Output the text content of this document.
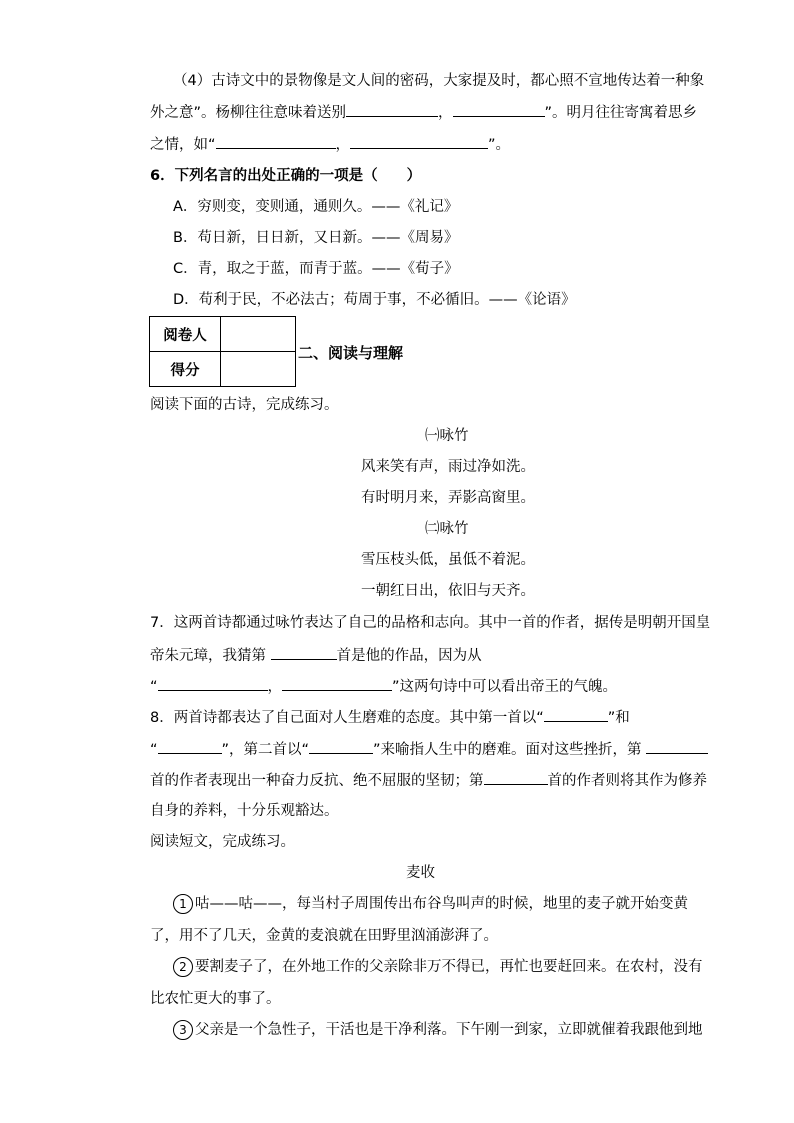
（4）古诗文中的景物像是文人间的密码，大家提及时，都心照不宣地传达着一种象
外之意”。杨柳往往意味着送别	，	”。明月往往寄寓着思乡
之情，如“	，	”。
6．下列名言的出处正确的一项是（　　）
A．穷则变，变则通，通则久。——《礼记》
B．苟日新，日日新，又日新。——《周易》
C．青，取之于蓝，而青于蓝。——《荀子》
D．苟利于民，不必法古；苟周于事，不必循旧。——《论语》
阅卷人	
得分	
二、阅读与理解
阅读下面的古诗，完成练习。
㈠咏竹
风来笑有声，雨过净如洗。
有时明月来，弄影高窗里。
㈡咏竹
雪压枝头低，虽低不着泥。
一朝红日出，依旧与天齐。
7．这两首诗都通过咏竹表达了自己的品格和志向。其中一首的作者，据传是明朝开国皇
帝朱元璋，我猜第	首是他的作品，因为从
“	，	”这两句诗中可以看出帝王的气魄。
8．两首诗都表达了自己面对人生磨难的态度。其中第一首以“	”和
“	”，第二首以“	”来喻指人生中的磨难。面对这些挫折，第
首的作者表现出一种奋力反抗、绝不屈服的坚韧；第	首的作者则将其作为修养
自身的养料，十分乐观豁达。
阅读短文，完成练习。
麦收
1 咕——咕——，每当村子周围传出布谷鸟叫声的时候，地里的麦子就开始变黄
了，用不了几天，金黄的麦浪就在田野里汹涌澎湃了。
2 要割麦子了，在外地工作的父亲除非万不得已，再忙也要赶回来。在农村，没有
比农忙更大的事了。
3 父亲是一个急性子，干活也是干净利落。下午刚一到家，立即就催着我跟他到地
